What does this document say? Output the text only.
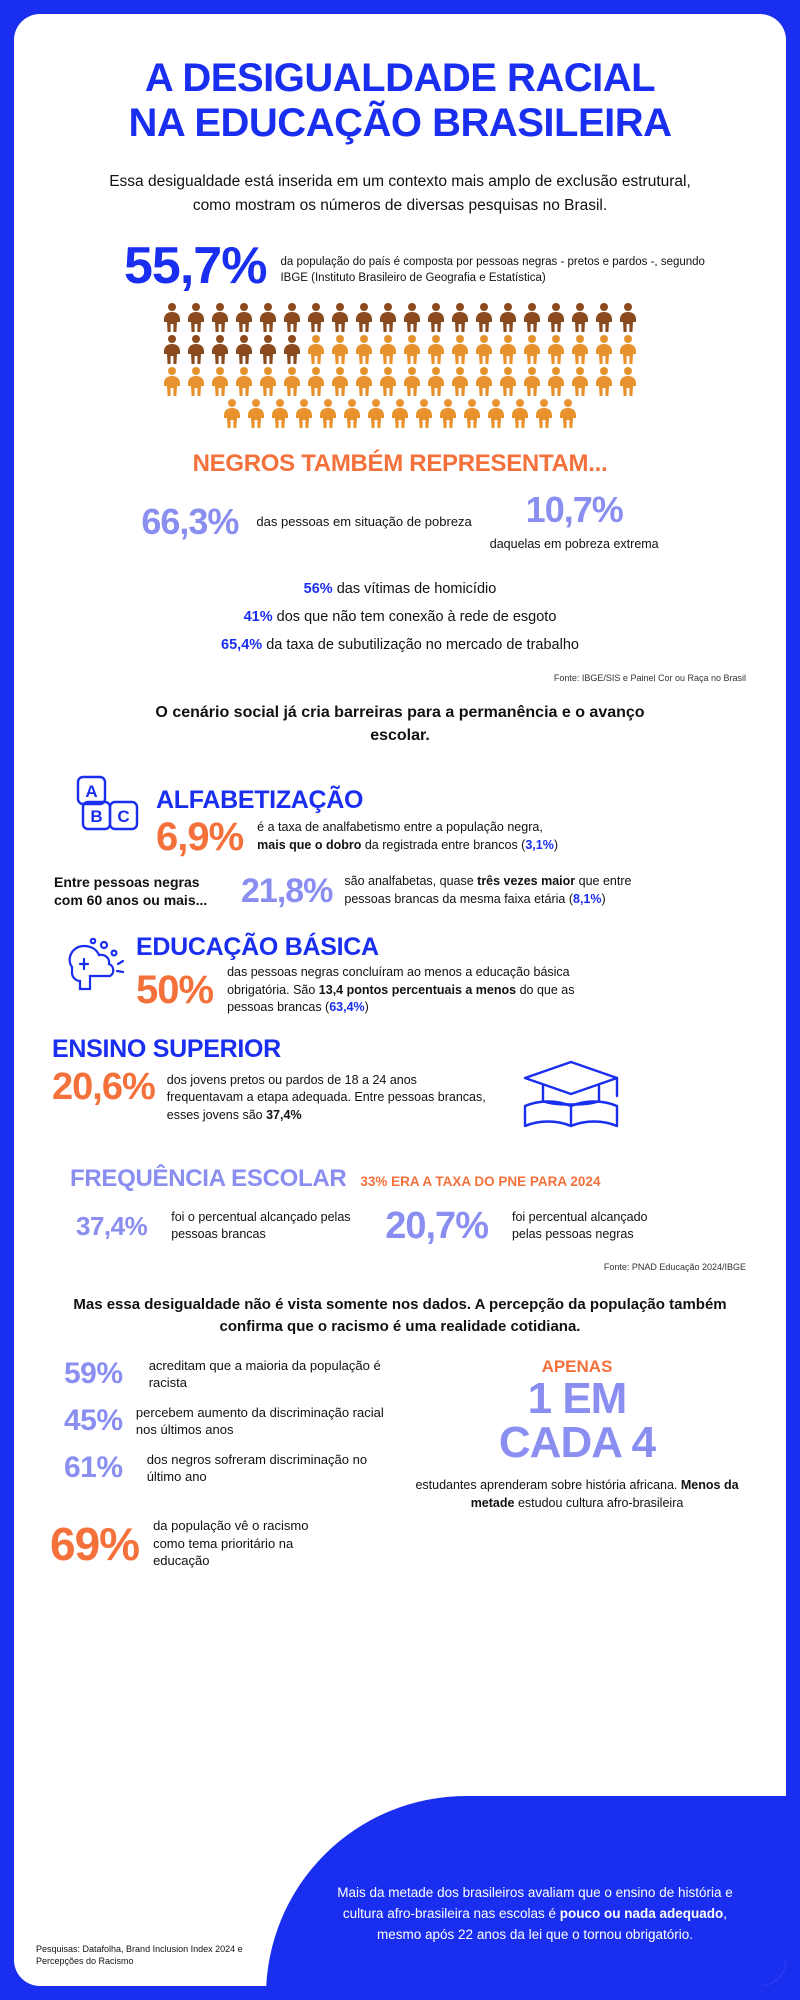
A DESIGUALDADE RACIAL
NA EDUCAÇÃO BRASILEIRA
Essa desigualdade está inserida em um contexto mais amplo de exclusão estrutural, como mostram os números de diversas pesquisas no Brasil.
55,7% da população do país é composta por pessoas negras - pretos e pardos -, segundo IBGE (Instituto Brasileiro de Geografia e Estatística)
NEGROS TAMBÉM REPRESENTAM...
66,3% das pessoas em situação de pobreza	10,7%
daquelas em pobreza extrema
56% das vítimas de homicídio
41% dos que não tem conexão à rede de esgoto
65,4% da taxa de subutilização no mercado de trabalho
Fonte: IBGE/SIS e Painel Cor ou Raça no Brasil
O cenário social já cria barreiras para a permanência e o avanço escolar.
A
B C
ALFABETIZAÇÃO
6,9% é a taxa de analfabetismo entre a população negra, mais que o dobro da registrada entre brancos (3,1%)
Entre pessoas negras com 60 anos ou mais... 21,8% são analfabetas, quase três vezes maior que entre pessoas brancas da mesma faixa etária (8,1%)
EDUCAÇÃO BÁSICA
50% das pessoas negras concluíram ao menos a educação básica obrigatória. São 13,4 pontos percentuais a menos do que as pessoas brancas (63,4%)
ENSINO SUPERIOR
20,6% dos jovens pretos ou pardos de 18 a 24 anos frequentavam a etapa adequada. Entre pessoas brancas, esses jovens são 37,4%
FREQUÊNCIA ESCOLAR 33% ERA A TAXA DO PNE PARA 2024
37,4% foi o percentual alcançado pelas pessoas brancas	20,7% foi percentual alcançado pelas pessoas negras
Fonte: PNAD Educação 2024/IBGE
Mas essa desigualdade não é vista somente nos dados. A percepção da população também confirma que o racismo é uma realidade cotidiana.
59%	acreditam que a maioria da população é racista
45% percebem aumento da discriminação racial nos últimos anos
61%	dos negros sofreram discriminação no último ano
APENAS
1 EM
CADA 4
estudantes aprenderam sobre história africana. Menos da metade estudou cultura afro-brasileira
69% da população vê o racismo como tema prioritário na educação
Pesquisas: Datafolha, Brand Inclusion Index 2024 e Percepções do Racismo
Mais da metade dos brasileiros avaliam que o ensino de história e cultura afro-brasileira nas escolas é pouco ou nada adequado, mesmo após 22 anos da lei que o tornou obrigatório.
